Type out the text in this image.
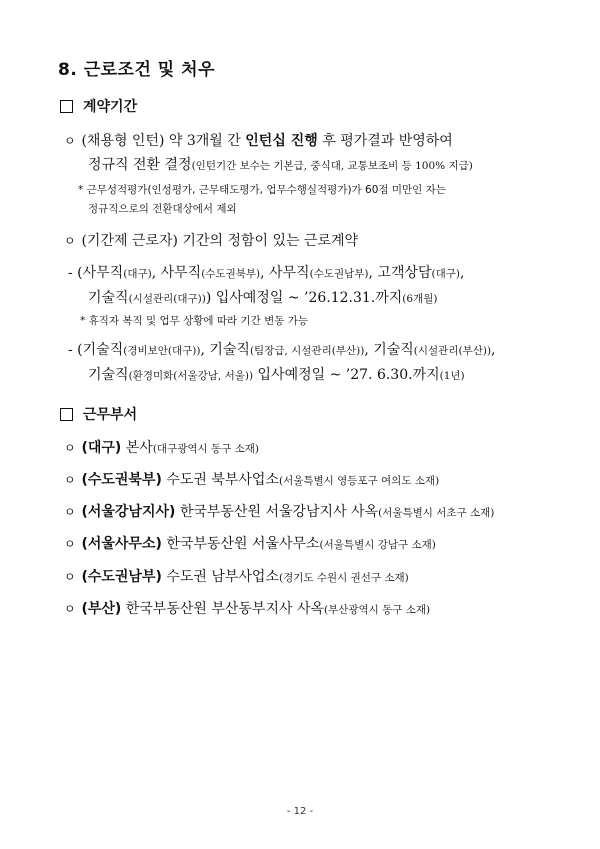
8. 근로조건 및 처우
계약기간
ㅇ (채용형 인턴) 약 3개월 간 인턴십 진행 후 평가결과 반영하여
정규직 전환 결정(인턴기간 보수는 기본급, 중식대, 교통보조비 등 100% 지급)
* 근무성적평가(인성평가, 근무태도평가, 업무수행실적평가)가 60점 미만인 자는
정규직으로의 전환대상에서 제외
ㅇ (기간제 근로자) 기간의 정함이 있는 근로계약
- (사무직(대구), 사무직(수도권북부), 사무직(수도권남부), 고객상담(대구),
기술직(시설관리(대구))) 입사예정일 ~ ’26.12.31.까지(6개월)
* 휴직자 복직 및 업무 상황에 따라 기간 변동 가능
- (기술직(경비보안(대구)), 기술직(팀장급, 시설관리(부산)), 기술직(시설관리(부산)),
기술직(환경미화(서울강남, 서울)) 입사예정일 ~ ’27. 6.30.까지(1년)
근무부서
ㅇ (대구) 본사(대구광역시 동구 소재)
ㅇ (수도권북부) 수도권 북부사업소(서울특별시 영등포구 여의도 소재)
ㅇ (서울강남지사) 한국부동산원 서울강남지사 사옥(서울특별시 서초구 소재)
ㅇ (서울사무소) 한국부동산원 서울사무소(서울특별시 강남구 소재)
ㅇ (수도권남부) 수도권 남부사업소(경기도 수원시 권선구 소재)
ㅇ (부산) 한국부동산원 부산동부지사 사옥(부산광역시 동구 소재)
- 12 -
